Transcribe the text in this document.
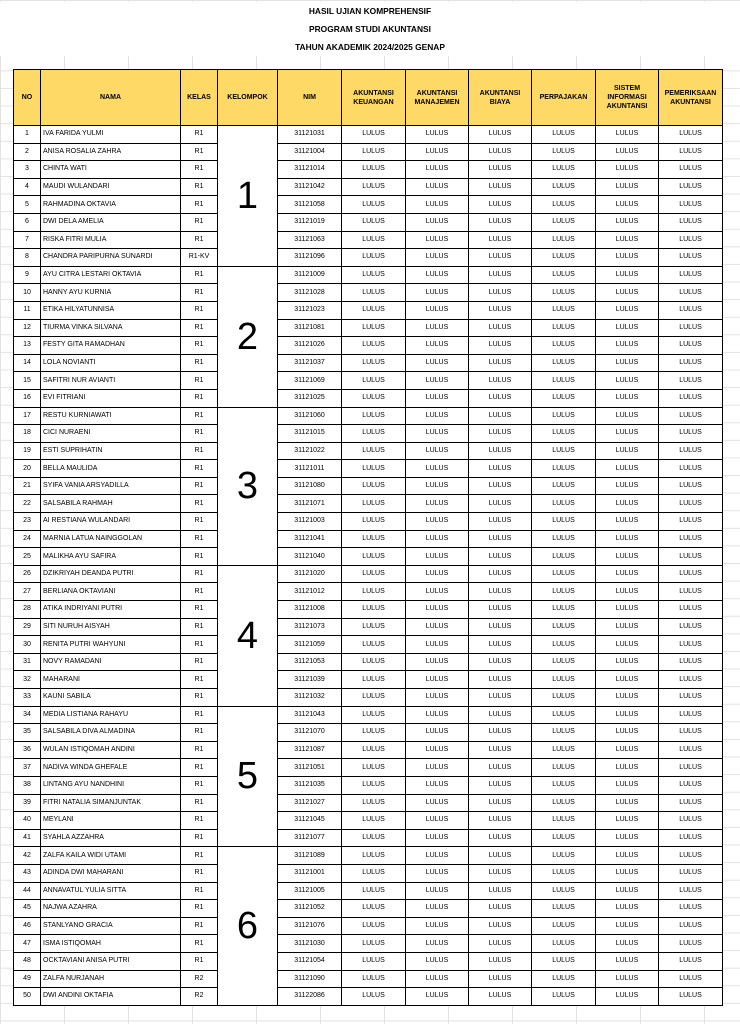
HASIL UJIAN KOMPREHENSIF
PROGRAM STUDI AKUNTANSI
TAHUN AKADEMIK 2024/2025 GENAP
NO	NAMA	KELAS	KELOMPOK	NIM	AKUNTANSI KEUANGAN	AKUNTANSI MANAJEMEN	AKUNTANSI BIAYA	PERPAJAKAN	SISTEM INFORMASI AKUNTANSI	PEMERIKSAAN AKUNTANSI
1	IVA FARIDA YULMI	R1	1	31121031	LULUS	LULUS	LULUS	LULUS	LULUS	LULUS
2	ANISA ROSALIA ZAHRA	R1		31121004	LULUS	LULUS	LULUS	LULUS	LULUS	LULUS
3	CHINTA WATI	R1		31121014	LULUS	LULUS	LULUS	LULUS	LULUS	LULUS
4	MAUDI WULANDARI	R1		31121042	LULUS	LULUS	LULUS	LULUS	LULUS	LULUS
5	RAHMADINA OKTAVIA	R1		31121058	LULUS	LULUS	LULUS	LULUS	LULUS	LULUS
6	DWI DELA AMELIA	R1		31121019	LULUS	LULUS	LULUS	LULUS	LULUS	LULUS
7	RISKA FITRI MULIA	R1		31121063	LULUS	LULUS	LULUS	LULUS	LULUS	LULUS
8	CHANDRA PARIPURNA SUNARDI	R1-KV		31121096	LULUS	LULUS	LULUS	LULUS	LULUS	LULUS
9	AYU CITRA LESTARI OKTAVIA	R1	2	31121009	LULUS	LULUS	LULUS	LULUS	LULUS	LULUS
10	HANNY AYU KURNIA	R1		31121028	LULUS	LULUS	LULUS	LULUS	LULUS	LULUS
11	ETIKA HILYATUNNISA	R1		31121023	LULUS	LULUS	LULUS	LULUS	LULUS	LULUS
12	TIURMA VINKA SILVANA	R1		31121081	LULUS	LULUS	LULUS	LULUS	LULUS	LULUS
13	FESTY GITA RAMADHAN	R1		31121026	LULUS	LULUS	LULUS	LULUS	LULUS	LULUS
14	LOLA NOVIANTI	R1		31121037	LULUS	LULUS	LULUS	LULUS	LULUS	LULUS
15	SAFITRI NUR AVIANTI	R1		31121069	LULUS	LULUS	LULUS	LULUS	LULUS	LULUS
16	EVI FITRIANI	R1		31121025	LULUS	LULUS	LULUS	LULUS	LULUS	LULUS
17	RESTU KURNIAWATI	R1	3	31121060	LULUS	LULUS	LULUS	LULUS	LULUS	LULUS
18	CICI NURAENI	R1		31121015	LULUS	LULUS	LULUS	LULUS	LULUS	LULUS
19	ESTI SUPRIHATIN	R1		31121022	LULUS	LULUS	LULUS	LULUS	LULUS	LULUS
20	BELLA MAULIDA	R1		31121011	LULUS	LULUS	LULUS	LULUS	LULUS	LULUS
21	SYIFA VANIA ARSYADILLA	R1		31121080	LULUS	LULUS	LULUS	LULUS	LULUS	LULUS
22	SALSABILA RAHMAH	R1		31121071	LULUS	LULUS	LULUS	LULUS	LULUS	LULUS
23	AI RESTIANA WULANDARI	R1		31121003	LULUS	LULUS	LULUS	LULUS	LULUS	LULUS
24	MARNIA LATUA NAINGGOLAN	R1		31121041	LULUS	LULUS	LULUS	LULUS	LULUS	LULUS
25	MALIKHA AYU SAFIRA	R1		31121040	LULUS	LULUS	LULUS	LULUS	LULUS	LULUS
26	DZIKRIYAH DEANDA PUTRI	R1	4	31121020	LULUS	LULUS	LULUS	LULUS	LULUS	LULUS
27	BERLIANA OKTAVIANI	R1		31121012	LULUS	LULUS	LULUS	LULUS	LULUS	LULUS
28	ATIKA INDRIYANI PUTRI	R1		31121008	LULUS	LULUS	LULUS	LULUS	LULUS	LULUS
29	SITI NURUH AISYAH	R1		31121073	LULUS	LULUS	LULUS	LULUS	LULUS	LULUS
30	RENITA PUTRI WAHYUNI	R1		31121059	LULUS	LULUS	LULUS	LULUS	LULUS	LULUS
31	NOVY RAMADANI	R1		31121053	LULUS	LULUS	LULUS	LULUS	LULUS	LULUS
32	MAHARANI	R1		31121039	LULUS	LULUS	LULUS	LULUS	LULUS	LULUS
33	KAUNI SABILA	R1		31121032	LULUS	LULUS	LULUS	LULUS	LULUS	LULUS
34	MEDIA LISTIANA RAHAYU	R1	5	31121043	LULUS	LULUS	LULUS	LULUS	LULUS	LULUS
35	SALSABILA DIVA ALMADINA	R1		31121070	LULUS	LULUS	LULUS	LULUS	LULUS	LULUS
36	WULAN ISTIQOMAH ANDINI	R1		31121087	LULUS	LULUS	LULUS	LULUS	LULUS	LULUS
37	NADIVA WINDA GHEFALE	R1		31121051	LULUS	LULUS	LULUS	LULUS	LULUS	LULUS
38	LINTANG AYU NANDHINI	R1		31121035	LULUS	LULUS	LULUS	LULUS	LULUS	LULUS
39	FITRI NATALIA SIMANJUNTAK	R1		31121027	LULUS	LULUS	LULUS	LULUS	LULUS	LULUS
40	MEYLANI	R1		31121045	LULUS	LULUS	LULUS	LULUS	LULUS	LULUS
41	SYAHLA AZZAHRA	R1		31121077	LULUS	LULUS	LULUS	LULUS	LULUS	LULUS
42	ZALFA KAILA WIDI UTAMI	R1	6	31121089	LULUS	LULUS	LULUS	LULUS	LULUS	LULUS
43	ADINDA DWI MAHARANI	R1		31121001	LULUS	LULUS	LULUS	LULUS	LULUS	LULUS
44	ANNAVATUL YULIA SITTA	R1		31121005	LULUS	LULUS	LULUS	LULUS	LULUS	LULUS
45	NAJWA AZAHRA	R1		31121052	LULUS	LULUS	LULUS	LULUS	LULUS	LULUS
46	STANLYANO GRACIA	R1		31121076	LULUS	LULUS	LULUS	LULUS	LULUS	LULUS
47	ISMA ISTIQOMAH	R1		31121030	LULUS	LULUS	LULUS	LULUS	LULUS	LULUS
48	OCKTAVIANI ANISA PUTRI	R1		31121054	LULUS	LULUS	LULUS	LULUS	LULUS	LULUS
49	ZALFA NURJANAH	R2		31121090	LULUS	LULUS	LULUS	LULUS	LULUS	LULUS
50	DWI ANDINI OKTAFIA	R2		31122086	LULUS	LULUS	LULUS	LULUS	LULUS	LULUS
